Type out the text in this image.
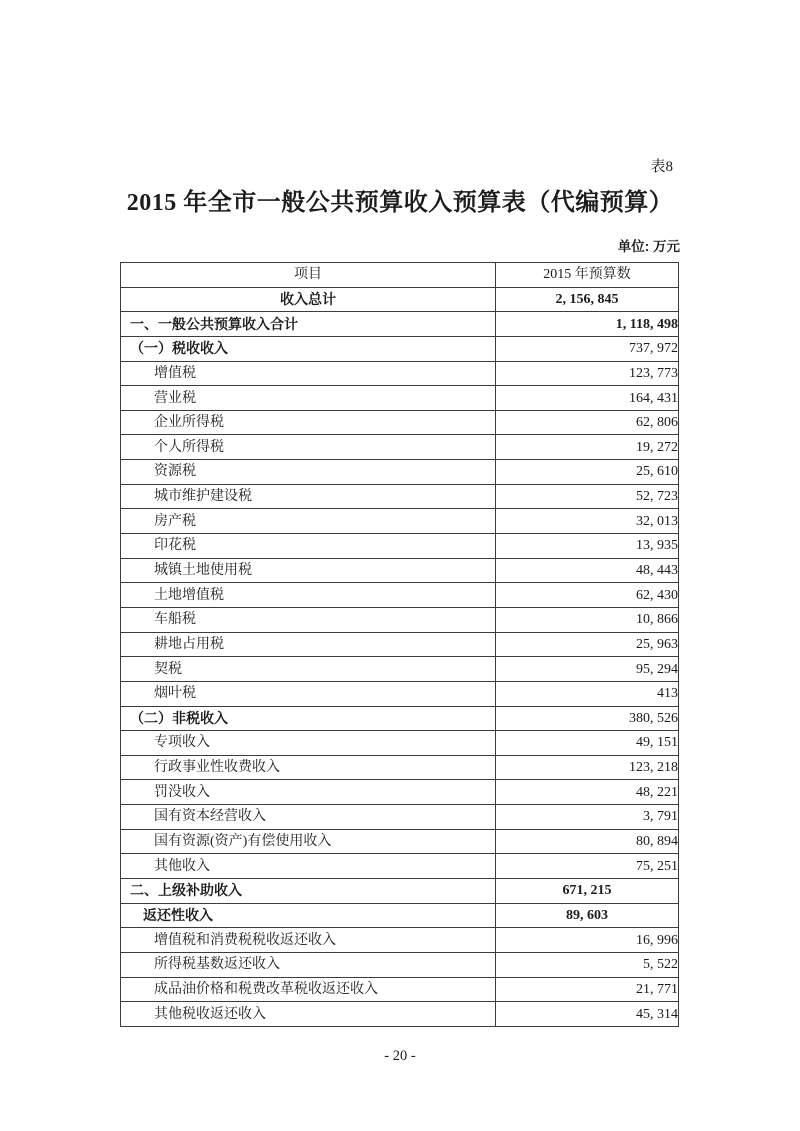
表8
2015 年全市一般公共预算收入预算表（代编预算）
单位: 万元
项目	2015 年预算数
收入总计	2, 156, 845
一、一般公共预算收入合计	1, 118, 498
（一）税收收入	737, 972
增值税	123, 773
营业税	164, 431
企业所得税	62, 806
个人所得税	19, 272
资源税	25, 610
城市维护建设税	52, 723
房产税	32, 013
印花税	13, 935
城镇土地使用税	48, 443
土地增值税	62, 430
车船税	10, 866
耕地占用税	25, 963
契税	95, 294
烟叶税	413
（二）非税收入	380, 526
专项收入	49, 151
行政事业性收费收入	123, 218
罚没收入	48, 221
国有资本经营收入	3, 791
国有资源(资产)有偿使用收入	80, 894
其他收入	75, 251
二、上级补助收入	671, 215
返还性收入	89, 603
增值税和消费税税收返还收入	16, 996
所得税基数返还收入	5, 522
成品油价格和税费改革税收返还收入	21, 771
其他税收返还收入	45, 314
- 20 -
